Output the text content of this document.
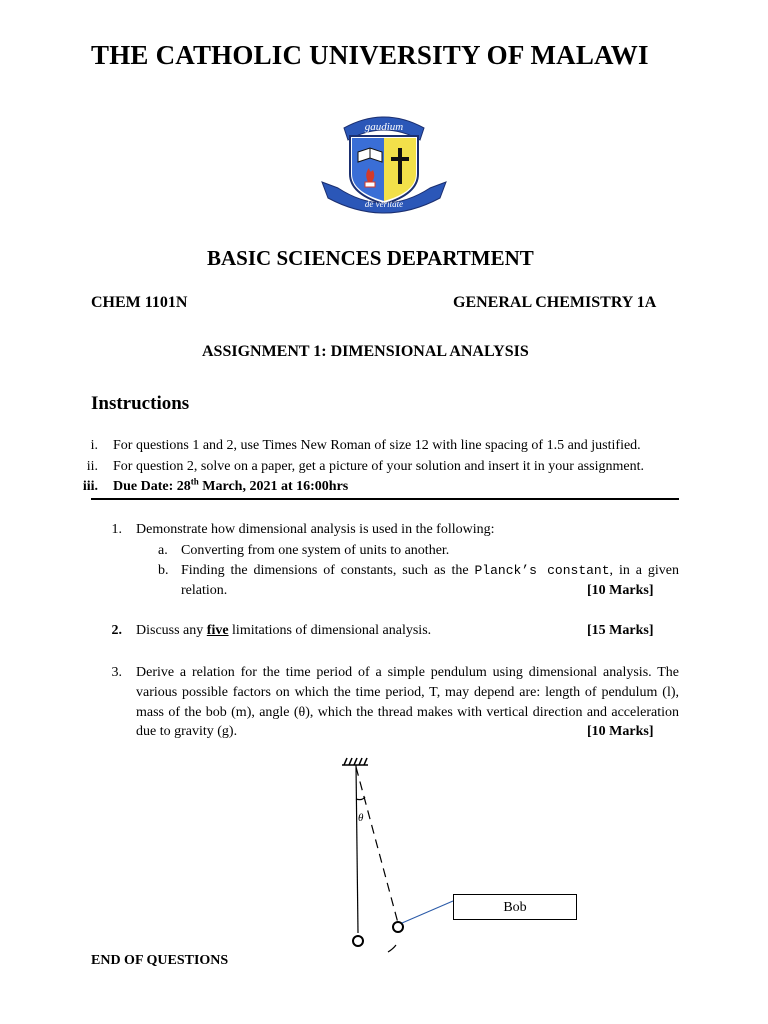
THE CATHOLIC UNIVERSITY OF MALAWI
gaudium
de veritate
BASIC SCIENCES DEPARTMENT
CHEM 1101N	GENERAL CHEMISTRY 1A
ASSIGNMENT 1: DIMENSIONAL ANALYSIS
Instructions
i. For questions 1 and 2, use Times New Roman of size 12 with line spacing of 1.5 and justified.
ii. For question 2, solve on a paper, get a picture of your solution and insert it in your assignment.
iii. Due Date: 28th March, 2021 at 16:00hrs
1. Demonstrate how dimensional analysis is used in the following:
a. Converting from one system of units to another.
b. Finding the dimensions of constants, such as the Planck’s constant, in a given
relation.	[10 Marks]
2. Discuss any five limitations of dimensional analysis.	[15 Marks]
3. Derive a relation for the time period of a simple pendulum using dimensional analysis. The
various possible factors on which the time period, T, may depend are: length of pendulum (l),
mass of the bob (m), angle (θ), which the thread makes with vertical direction and acceleration
due to gravity (g).	[10 Marks]
θ
Bob
END OF QUESTIONS
